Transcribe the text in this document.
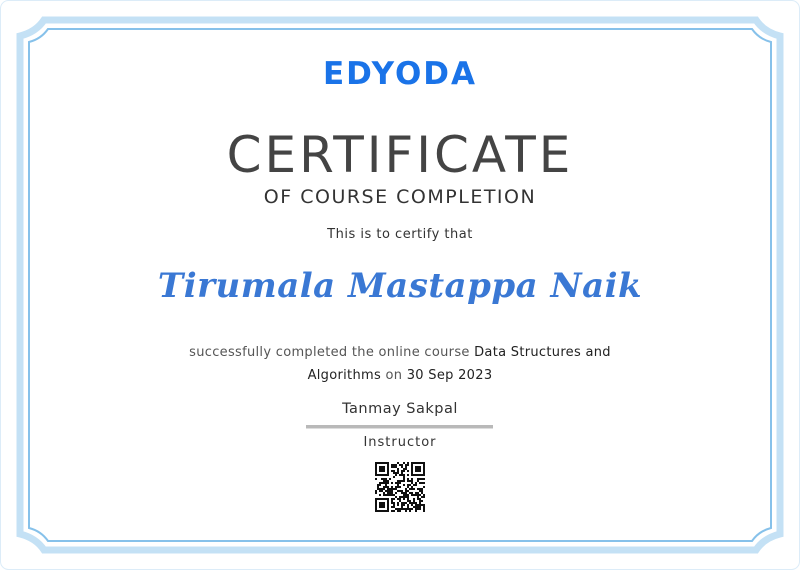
EDYODA
CERTIFICATE
OF COURSE COMPLETION
This is to certify that
Tirumala Mastappa Naik
successfully completed the online course Data Structures and
Algorithms on 30 Sep 2023
Tanmay Sakpal
Instructor
